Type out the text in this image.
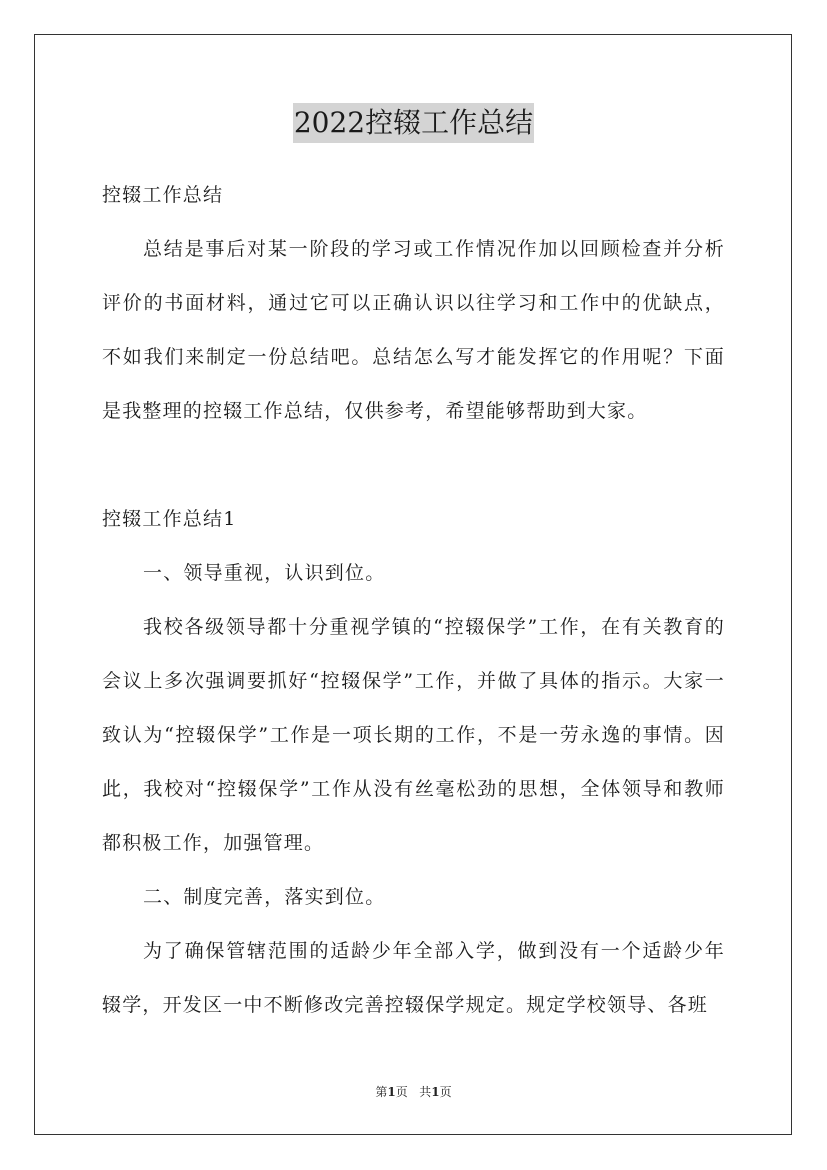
2022控辍工作总结

控辍工作总结

总结是事后对某一阶段的学习或工作情况作加以回顾检查并分析评价的书面材料，通过它可以正确认识以往学习和工作中的优缺点，不如我们来制定一份总结吧。总结怎么写才能发挥它的作用呢？下面是我整理的控辍工作总结，仅供参考，希望能够帮助到大家。

控辍工作总结1

一、领导重视，认识到位。

我校各级领导都十分重视学镇的“控辍保学”工作，在有关教育的会议上多次强调要抓好“控辍保学”工作，并做了具体的指示。大家一致认为“控辍保学”工作是一项长期的工作，不是一劳永逸的事情。因此，我校对“控辍保学”工作从没有丝毫松劲的思想，全体领导和教师都积极工作，加强管理。

二、制度完善，落实到位。

为了确保管辖范围的适龄少年全部入学，做到没有一个适龄少年辍学，开发区一中不断修改完善控辍保学规定。规定学校领导、各班

第1页   共1页
